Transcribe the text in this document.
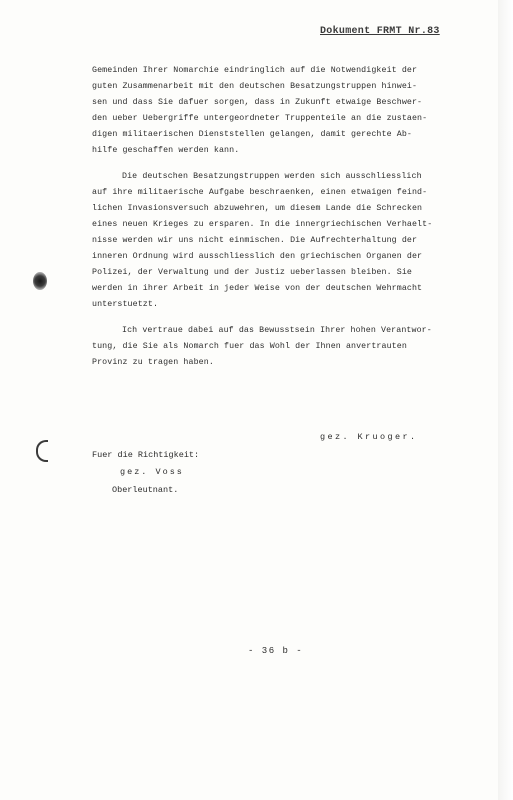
Dokument FRMT Nr.83
Gemeinden Ihrer Nomarchie eindringlich auf die Notwendigkeit der
guten Zusammenarbeit mit den deutschen Besatzungstruppen hinwei-
sen und dass Sie dafuer sorgen, dass in Zukunft etwaige Beschwer-
den ueber Uebergriffe untergeordneter Truppenteile an die zustaen-
digen militaerischen Dienststellen gelangen, damit gerechte Ab-
hilfe geschaffen werden kann.
Die deutschen Besatzungstruppen werden sich ausschliesslich
auf ihre militaerische Aufgabe beschraenken, einen etwaigen feind-
lichen Invasionsversuch abzuwehren, um diesem Lande die Schrecken
eines neuen Krieges zu ersparen. In die innergriechischen Verhaelt-
nisse werden wir uns nicht einmischen. Die Aufrechterhaltung der
inneren Ordnung wird ausschliesslich den griechischen Organen der
Polizei, der Verwaltung und der Justiz ueberlassen bleiben. Sie
werden in ihrer Arbeit in jeder Weise von der deutschen Wehrmacht
unterstuetzt.
Ich vertraue dabei auf das Bewusstsein Ihrer hohen Verantwor-
tung, die Sie als Nomarch fuer das Wohl der Ihnen anvertrauten
Provinz zu tragen haben.
gez. Kruoger.
Fuer die Richtigkeit:
gez. Voss
Oberleutnant.
- 36 b -
